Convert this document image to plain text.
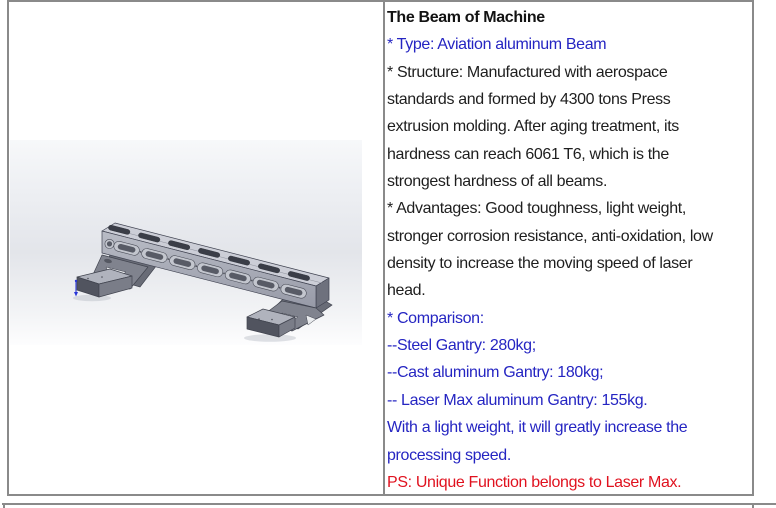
The Beam of Machine

* Type: Aviation aluminum Beam

* Structure: Manufactured with aerospace

standards and formed by 4300 tons Press

extrusion molding. After aging treatment, its

hardness can reach 6061 T6, which is the

strongest hardness of all beams.

* Advantages: Good toughness, light weight,

stronger corrosion resistance, anti-oxidation, low

density to increase the moving speed of laser

head.

* Comparison:

--Steel Gantry: 280kg;

--Cast aluminum Gantry: 180kg;

-- Laser Max aluminum Gantry: 155kg.

With a light weight, it will greatly increase the

processing speed.

PS: Unique Function belongs to Laser Max.
